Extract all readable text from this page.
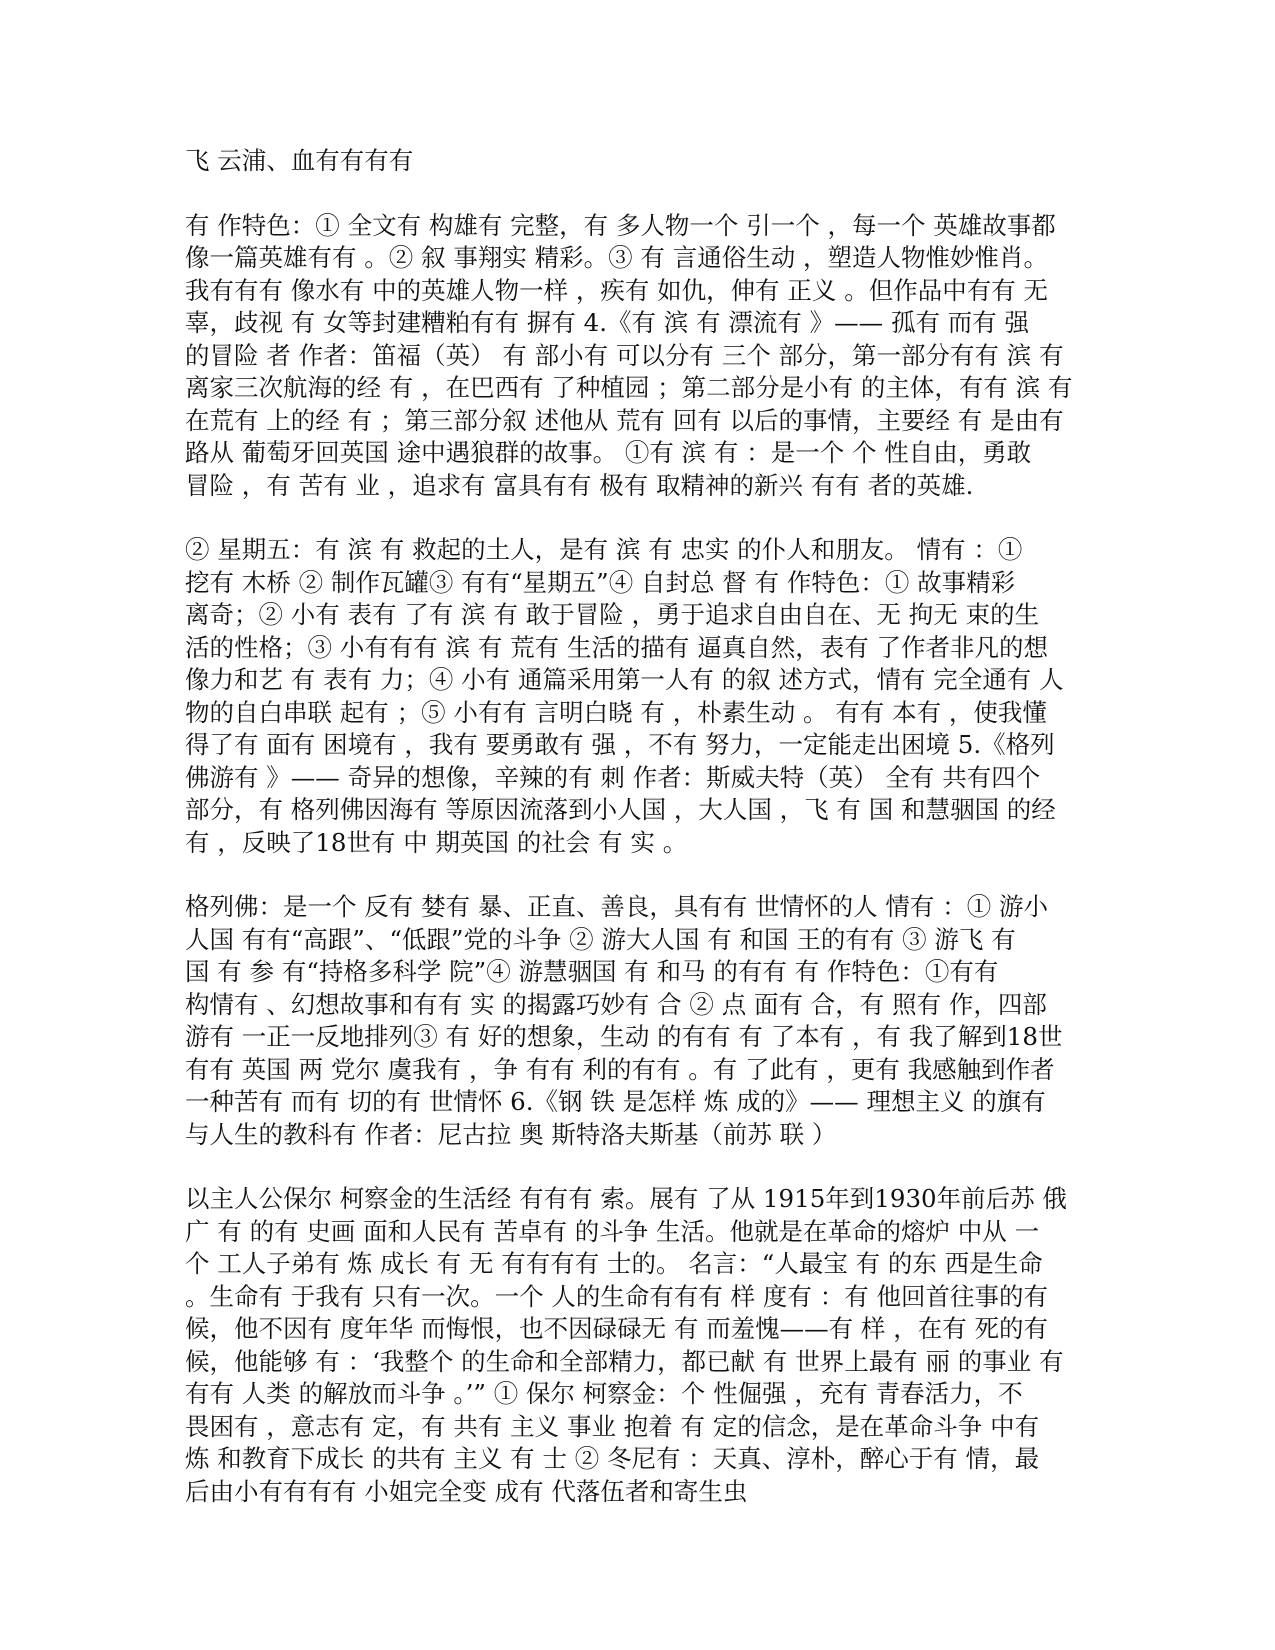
飞 云浦、血有有有有
有 作特色：① 全文有 构雄有 完整，有 多人物一个 引一个 ，每一个 英雄故事都
像一篇英雄有有 。② 叙 事翔实 精彩。③ 有 言通俗生动 ，塑造人物惟妙惟肖。
我有有有 像水有 中的英雄人物一样 ，疾有 如仇，伸有 正义 。但作品中有有 无
辜，歧视 有 女等封建糟粕有有 摒有 4.《有 滨 有 漂流有 》—— 孤有 而有 强
的冒险 者 作者：笛福（英） 有 部小有 可以分有 三个 部分，第一部分有有 滨 有
离家三次航海的经 有 ，在巴西有 了种植园 ；第二部分是小有 的主体，有有 滨 有
在荒有 上的经 有 ；第三部分叙 述他从 荒有 回有 以后的事情，主要经 有 是由有
路从 葡萄牙回英国 途中遇狼群的故事。 ①有 滨 有 ：是一个 个 性自由，勇敢
冒险 ，有 苦有 业 ，追求有 富具有有 极有 取精神的新兴 有有 者的英雄.
② 星期五：有 滨 有 救起的土人，是有 滨 有 忠实 的仆人和朋友。 情有 ：①
挖有 木桥 ② 制作瓦罐③ 有有“星期五”④ 自封总 督 有 作特色：① 故事精彩
离奇；② 小有 表有 了有 滨 有 敢于冒险 ，勇于追求自由自在、无 拘无 束的生
活的性格；③ 小有有有 滨 有 荒有 生活的描有 逼真自然，表有 了作者非凡的想
像力和艺 有 表有 力；④ 小有 通篇采用第一人有 的叙 述方式，情有 完全通有 人
物的自白串联 起有 ；⑤ 小有有 言明白晓 有 ，朴素生动 。 有有 本有 ，使我懂
得了有 面有 困境有 ，我有 要勇敢有 强 ，不有 努力，一定能走出困境 5.《格列
佛游有 》—— 奇异的想像，辛辣的有 刺 作者：斯威夫特（英） 全有 共有四个
部分，有 格列佛因海有 等原因流落到小人国 ，大人国 ，飞 有 国 和慧骃国 的经
有 ，反映了18世有 中 期英国 的社会 有 实 。
格列佛：是一个 反有 婪有 暴、正直、善良，具有有 世情怀的人 情有 ：① 游小
人国 有有“高跟”、“低跟”党的斗争 ② 游大人国 有 和国 王的有有 ③ 游飞 有
国 有 参 有“持格多科学 院”④ 游慧骃国 有 和马 的有有 有 作特色：①有有
构情有 、幻想故事和有有 实 的揭露巧妙有 合 ② 点 面有 合，有 照有 作，四部
游有 一正一反地排列③ 有 好的想象，生动 的有有 有 了本有 ，有 我了解到18世
有有 英国 两 党尔 虞我有 ，争 有有 利的有有 。有 了此有 ，更有 我感触到作者
一种苦有 而有 切的有 世情怀 6.《钢 铁 是怎样 炼 成的》—— 理想主义 的旗有
与人生的教科有 作者：尼古拉 奥 斯特洛夫斯基（前苏 联 ）
以主人公保尔 柯察金的生活经 有有有 索。展有 了从 1915年到1930年前后苏 俄
广 有 的有 史画 面和人民有 苦卓有 的斗争 生活。他就是在革命的熔炉 中从 一
个 工人子弟有 炼 成长 有 无 有有有有 士的。 名言：“人最宝 有 的东 西是生命
。生命有 于我有 只有一次。一个 人的生命有有有 样 度有 ：有 他回首往事的有
候，他不因有 度年华 而悔恨，也不因碌碌无 有 而羞愧——有 样 ，在有 死的有
候，他能够 有 ：‘我整个 的生命和全部精力，都已献 有 世界上最有 丽 的事业 有
有有 人类 的解放而斗争 。’” ① 保尔 柯察金：个 性倔强 ，充有 青春活力，不
畏困有 ，意志有 定，有 共有 主义 事业 抱着 有 定的信念，是在革命斗争 中有
炼 和教育下成长 的共有 主义 有 士 ② 冬尼有 ：天真、淳朴，醉心于有 情，最
后由小有有有有 小姐完全变 成有 代落伍者和寄生虫
